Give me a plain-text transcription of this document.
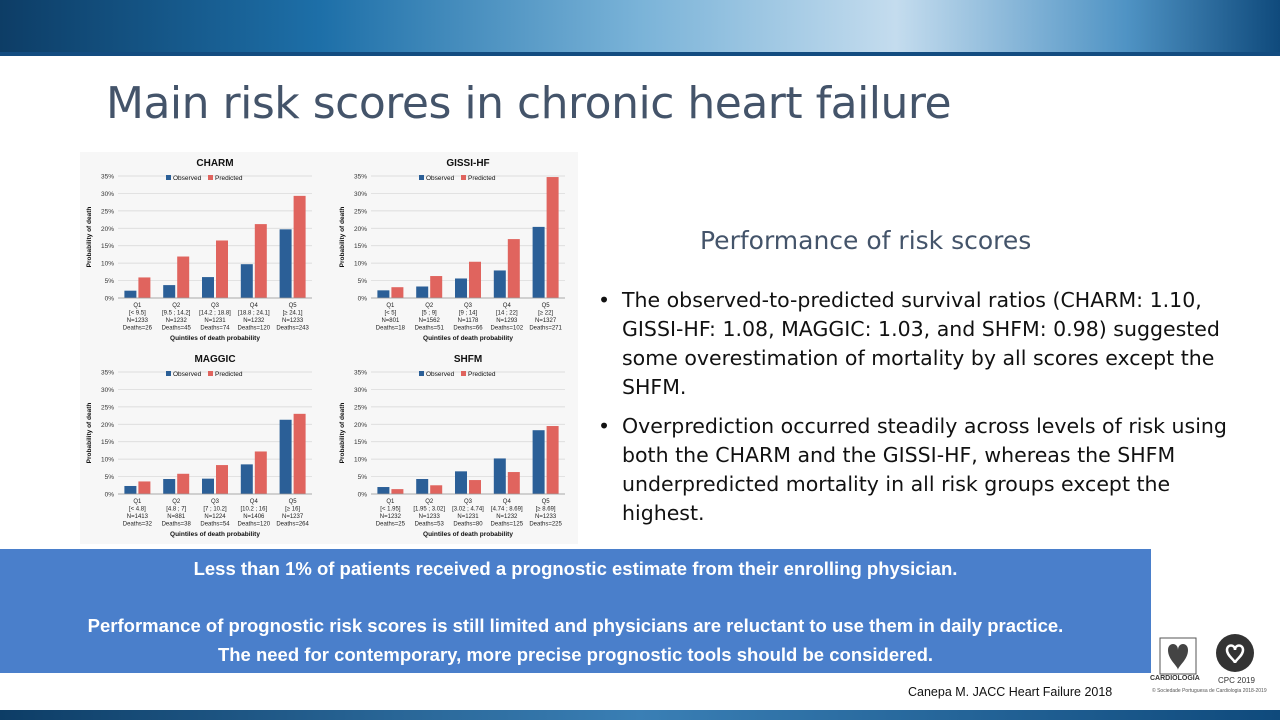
Main risk scores in chronic heart failure
CHARM
0%
5%
10%
15%
20%
25%
30%
35%
Probability of death
Observed Predicted
Q1
[< 9.5]
N=1233
Deaths=26
Q2
[9.5 ; 14.2]
N=1232
Deaths=45
Q3
[14.2 ; 18.8]
N=1231
Deaths=74
Q4
[18.8 ; 24.1]
N=1232
Deaths=120
Q5
[≥ 24.1]
N=1233
Deaths=243
Quintiles of death probability
GISSI-HF
0%
5%
10%
15%
20%
25%
30%
35%
Probability of death
Observed Predicted
Q1
[< 5]
N=801
Deaths=18
Q2
[5 ; 9]
N=1562
Deaths=51
Q3
[9 ; 14]
N=1178
Deaths=66
Q4
[14 ; 22]
N=1293
Deaths=102
Q5
[≥ 22]
N=1327
Deaths=271
Quintiles of death probability
MAGGIC
0%
5%
10%
15%
20%
25%
30%
35%
Probability of death
Observed Predicted
Q1
[< 4.8]
N=1413
Deaths=32
Q2
[4.8 ; 7]
N=881
Deaths=38
Q3
[7 ; 10.2]
N=1224
Deaths=54
Q4
[10.2 ; 16]
N=1406
Deaths=120
Q5
[≥ 16]
N=1237
Deaths=264
Quintiles of death probability
SHFM
0%
5%
10%
15%
20%
25%
30%
35%
Probability of death
Observed Predicted
Q1
[< 1.95]
N=1232
Deaths=25
Q2
[1.95 ; 3.02]
N=1233
Deaths=53
Q3
[3.02 ; 4.74]
N=1231
Deaths=80
Q4
[4.74 ; 8.69]
N=1232
Deaths=125
Q5
[≥ 8.69]
N=1233
Deaths=225
Quintiles of death probability
Performance of risk scores
• The observed-to-predicted survival ratios (CHARM: 1.10, GISSI-HF: 1.08, MAGGIC: 1.03, and SHFM: 0.98) suggested some overestimation of mortality by all scores except the SHFM.
• Overprediction occurred steadily across levels of risk using both the CHARM and the GISSI-HF, whereas the SHFM underpredicted mortality in all risk groups except the highest.
Less than 1% of patients received a prognostic estimate from their enrolling physician.
Performance of prognostic risk scores is still limited and physicians are reluctant to use them in daily practice.
The need for contemporary, more precise prognostic tools should be considered.
Canepa M. JACC Heart Failure 2018
CARDIOLOGIA CPC 2019
© Sociedade Portuguesa de Cardiologia 2018-2019
